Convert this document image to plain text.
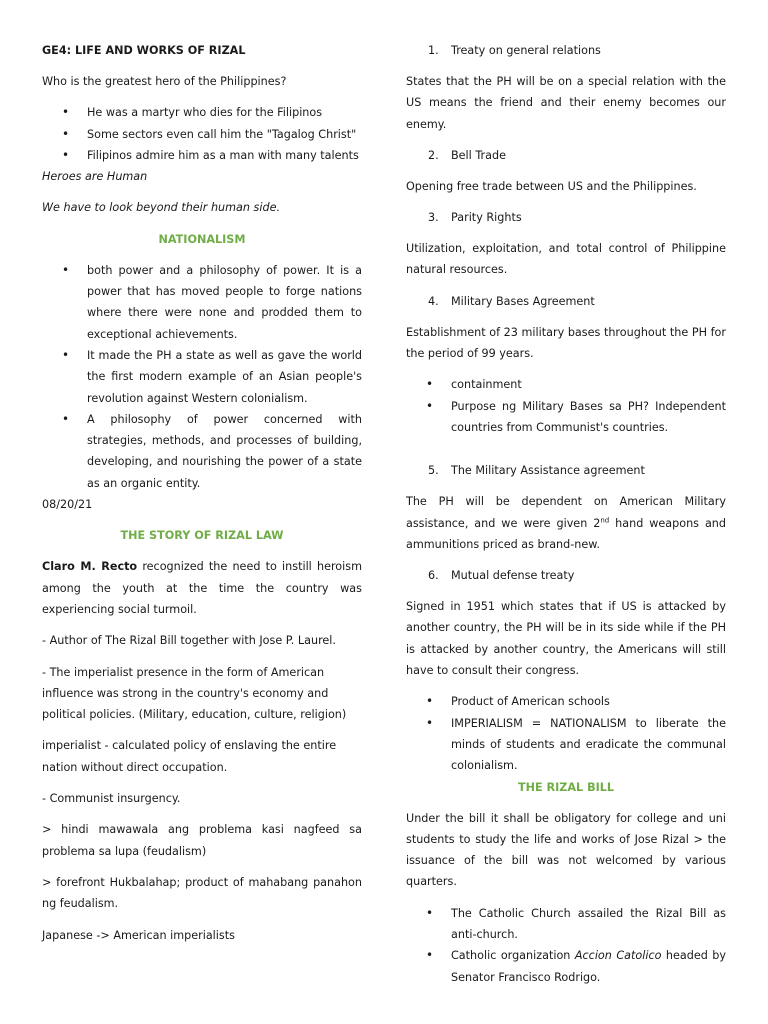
GE4: LIFE AND WORKS OF RIZAL

Who is the greatest hero of the Philippines?

• He was a martyr who dies for the Filipinos
• Some sectors even call him the "Tagalog Christ"
• Filipinos admire him as a man with many talents

Heroes are Human

We have to look beyond their human side.

NATIONALISM

• both power and a philosophy of power. It is a power that has moved people to forge nations where there were none and prodded them to exceptional achievements.
• It made the PH a state as well as gave the world the first modern example of an Asian people's revolution against Western colonialism.
• A philosophy of power concerned with strategies, methods, and processes of building, developing, and nourishing the power of a state as an organic entity.

08/20/21

THE STORY OF RIZAL LAW

Claro M. Recto recognized the need to instill heroism among the youth at the time the country was experiencing social turmoil.

- Author of The Rizal Bill together with Jose P. Laurel.

- The imperialist presence in the form of American influence was strong in the country's economy and political policies. (Military, education, culture, religion)

imperialist - calculated policy of enslaving the entire nation without direct occupation.

- Communist insurgency.

> hindi mawawala ang problema kasi nagfeed sa problema sa lupa (feudalism)

> forefront Hukbalahap; product of mahabang panahon ng feudalism.

Japanese -> American imperialists

1. Treaty on general relations

States that the PH will be on a special relation with the US means the friend and their enemy becomes our enemy.

2. Bell Trade

Opening free trade between US and the Philippines.

3. Parity Rights

Utilization, exploitation, and total control of Philippine natural resources.

4. Military Bases Agreement

Establishment of 23 military bases throughout the PH for the period of 99 years.

• containment
• Purpose ng Military Bases sa PH? Independent countries from Communist's countries.
5. The Military Assistance agreement

The PH will be dependent on American Military assistance, and we were given 2nd hand weapons and ammunitions priced as brand-new.

6. Mutual defense treaty

Signed in 1951 which states that if US is attacked by another country, the PH will be in its side while if the PH is attacked by another country, the Americans will still have to consult their congress.

• Product of American schools
• IMPERIALISM = NATIONALISM to liberate the minds of students and eradicate the communal colonialism.

THE RIZAL BILL

Under the bill it shall be obligatory for college and uni students to study the life and works of Jose Rizal > the issuance of the bill was not welcomed by various quarters.

• The Catholic Church assailed the Rizal Bill as anti-church.
• Catholic organization Accion Catolico headed by Senator Francisco Rodrigo.
